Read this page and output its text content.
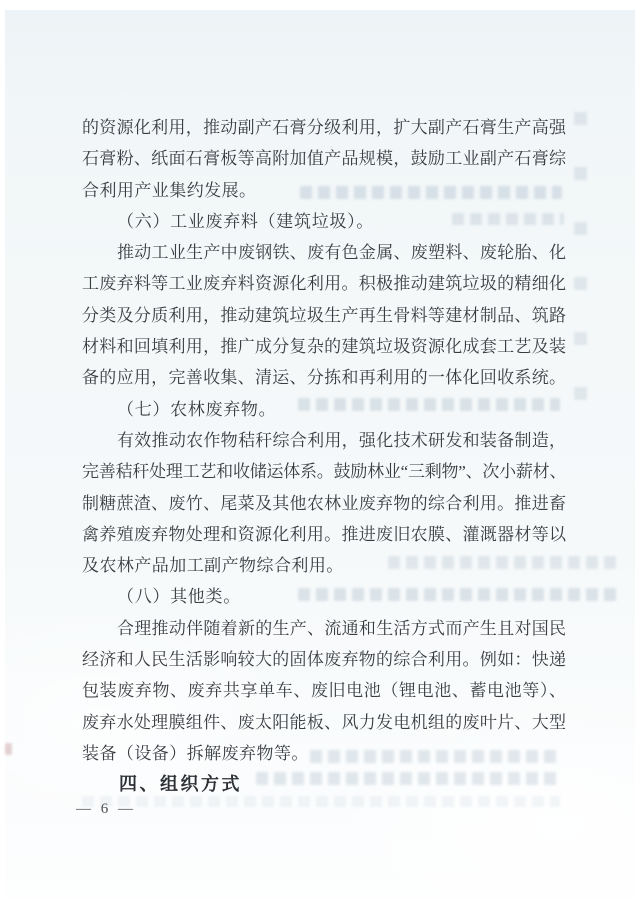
的资源化利用，推动副产石膏分级利用，扩大副产石膏生产高强
石膏粉、纸面石膏板等高附加值产品规模，鼓励工业副产石膏综
合利用产业集约发展。
（六）工业废弃料（建筑垃圾）。
推动工业生产中废钢铁、废有色金属、废塑料、废轮胎、化
工废弃料等工业废弃料资源化利用。积极推动建筑垃圾的精细化
分类及分质利用，推动建筑垃圾生产再生骨料等建材制品、筑路
材料和回填利用，推广成分复杂的建筑垃圾资源化成套工艺及装
备的应用，完善收集、清运、分拣和再利用的一体化回收系统。
（七）农林废弃物。
有效推动农作物秸秆综合利用，强化技术研发和装备制造，
完善秸秆处理工艺和收储运体系。鼓励林业“三剩物”、次小薪材、
制糖蔗渣、废竹、尾菜及其他农林业废弃物的综合利用。推进畜
禽养殖废弃物处理和资源化利用。推进废旧农膜、灌溉器材等以
及农林产品加工副产物综合利用。
（八）其他类。
合理推动伴随着新的生产、流通和生活方式而产生且对国民
经济和人民生活影响较大的固体废弃物的综合利用。例如：快递
包装废弃物、废弃共享单车、废旧电池（锂电池、蓄电池等）、
废弃水处理膜组件、废太阳能板、风力发电机组的废叶片、大型
装备（设备）拆解废弃物等。
四、组织方式
— 6 —
